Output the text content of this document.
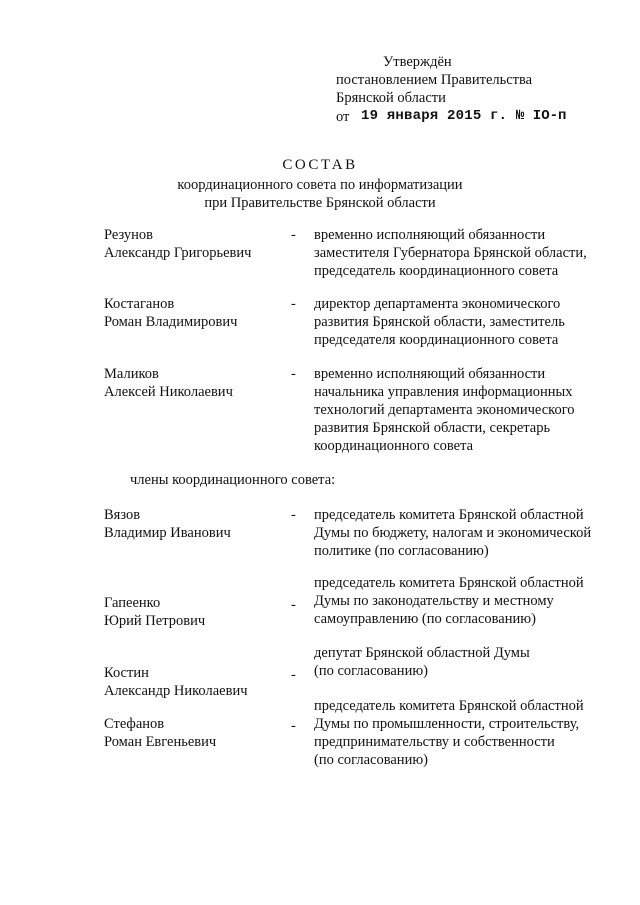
Утверждён
постановлением Правительства
Брянской области
от 19 января 2015 г. № IO-п
СОСТАВ
координационного совета по информатизации
при Правительстве Брянской области
Резунов
Александр Григорьевич
- временно исполняющий обязанности
заместителя Губернатора Брянской области,
председатель координационного совета
Костаганов
Роман Владимирович
- директор департамента экономического
развития Брянской области, заместитель
председателя координационного совета
Маликов
Алексей Николаевич
- временно исполняющий обязанности
начальника управления информационных
технологий департамента экономического
развития Брянской области, секретарь
координационного совета
члены координационного совета:
Вязов
Владимир Иванович
- председатель комитета Брянской областной
Думы по бюджету, налогам и экономической
политике (по согласованию)
Гапеенко
Юрий Петрович
-
председатель комитета Брянской областной
Думы по законодательству и местному
самоуправлению (по согласованию)
Костин
Александр Николаевич
-
депутат Брянской областной Думы
(по согласованию)
Стефанов
Роман Евгеньевич
-
председатель комитета Брянской областной
Думы по промышленности, строительству,
предпринимательству и собственности
(по согласованию)
